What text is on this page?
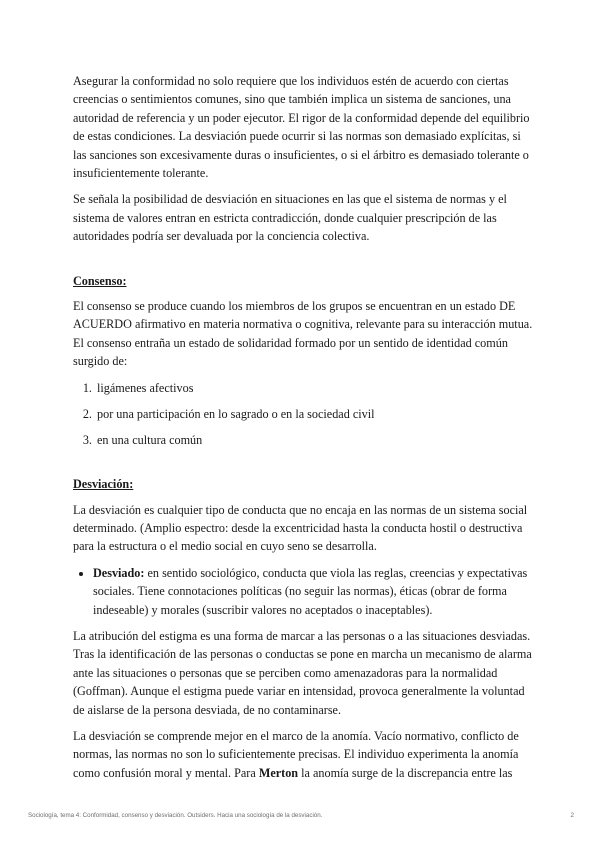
Asegurar la conformidad no solo requiere que los individuos estén de acuerdo con ciertas creencias o sentimientos comunes, sino que también implica un sistema de sanciones, una autoridad de referencia y un poder ejecutor. El rigor de la conformidad depende del equilibrio de estas condiciones. La desviación puede ocurrir si las normas son demasiado explícitas, si las sanciones son excesivamente duras o insuficientes, o si el árbitro es demasiado tolerante o insuficientemente tolerante.

Se señala la posibilidad de desviación en situaciones en las que el sistema de normas y el sistema de valores entran en estricta contradicción, donde cualquier prescripción de las autoridades podría ser devaluada por la conciencia colectiva.

Consenso:

El consenso se produce cuando los miembros de los grupos se encuentran en un estado DE ACUERDO afirmativo en materia normativa o cognitiva, relevante para su interacción mutua. El consenso entraña un estado de solidaridad formado por un sentido de identidad común surgido de:

1. ligámenes afectivos
2. por una participación en lo sagrado o en la sociedad civil
3. en una cultura común
Desviación:

La desviación es cualquier tipo de conducta que no encaja en las normas de un sistema social determinado. (Amplio espectro: desde la excentricidad hasta la conducta hostil o destructiva para la estructura o el medio social en cuyo seno se desarrolla.

• Desviado: en sentido sociológico, conducta que viola las reglas, creencias y expectativas sociales. Tiene connotaciones políticas (no seguir las normas), éticas (obrar de forma indeseable) y morales (suscribir valores no aceptados o inaceptables).

La atribución del estigma es una forma de marcar a las personas o a las situaciones desviadas. Tras la identificación de las personas o conductas se pone en marcha un mecanismo de alarma ante las situaciones o personas que se perciben como amenazadoras para la normalidad (Goffman). Aunque el estigma puede variar en intensidad, provoca generalmente la voluntad de aislarse de la persona desviada, de no contaminarse.

La desviación se comprende mejor en el marco de la anomía. Vacío normativo, conflicto de normas, las normas no son lo suficientemente precisas. El individuo experimenta la anomía como confusión moral y mental. Para Merton la anomía surge de la discrepancia entre las

Sociología, tema 4: Conformidad, consenso y desviación. Outsiders. Hacia una sociología de la desviación.	2
